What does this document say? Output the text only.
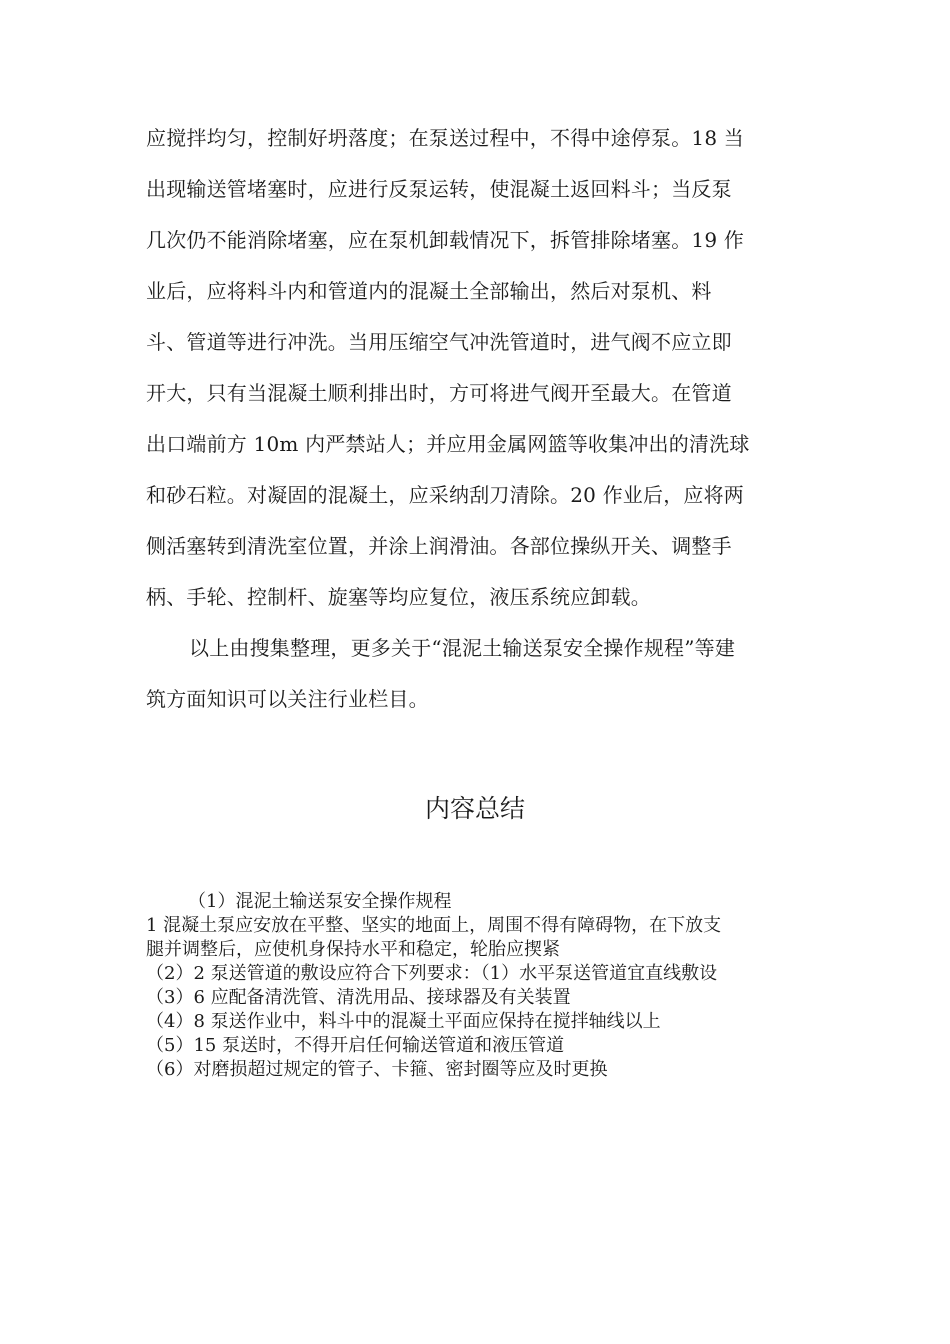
应搅拌均匀，控制好坍落度；在泵送过程中，不得中途停泵。18 当
出现输送管堵塞时，应进行反泵运转，使混凝土返回料斗；当反泵
几次仍不能消除堵塞，应在泵机卸载情况下，拆管排除堵塞。19 作
业后，应将料斗内和管道内的混凝土全部输出，然后对泵机、料
斗、管道等进行冲洗。当用压缩空气冲洗管道时，进气阀不应立即
开大，只有当混凝土顺利排出时，方可将进气阀开至最大。在管道
出口端前方 10m 内严禁站人；并应用金属网篮等收集冲出的清洗球
和砂石粒。对凝固的混凝土，应采纳刮刀清除。20 作业后，应将两
侧活塞转到清洗室位置，并涂上润滑油。各部位操纵开关、调整手
柄、手轮、控制杆、旋塞等均应复位，液压系统应卸载。
以上由搜集整理，更多关于“混泥土输送泵安全操作规程”等建
筑方面知识可以关注行业栏目。
内容总结
（1）混泥土输送泵安全操作规程
1 混凝土泵应安放在平整、坚实的地面上，周围不得有障碍物，在下放支
腿并调整后，应使机身保持水平和稳定，轮胎应揳紧
（2）2 泵送管道的敷设应符合下列要求：（1）水平泵送管道宜直线敷设
（3）6 应配备清洗管、清洗用品、接球器及有关装置
（4）8 泵送作业中，料斗中的混凝土平面应保持在搅拌轴线以上
（5）15 泵送时，不得开启任何输送管道和液压管道
（6）对磨损超过规定的管子、卡箍、密封圈等应及时更换
